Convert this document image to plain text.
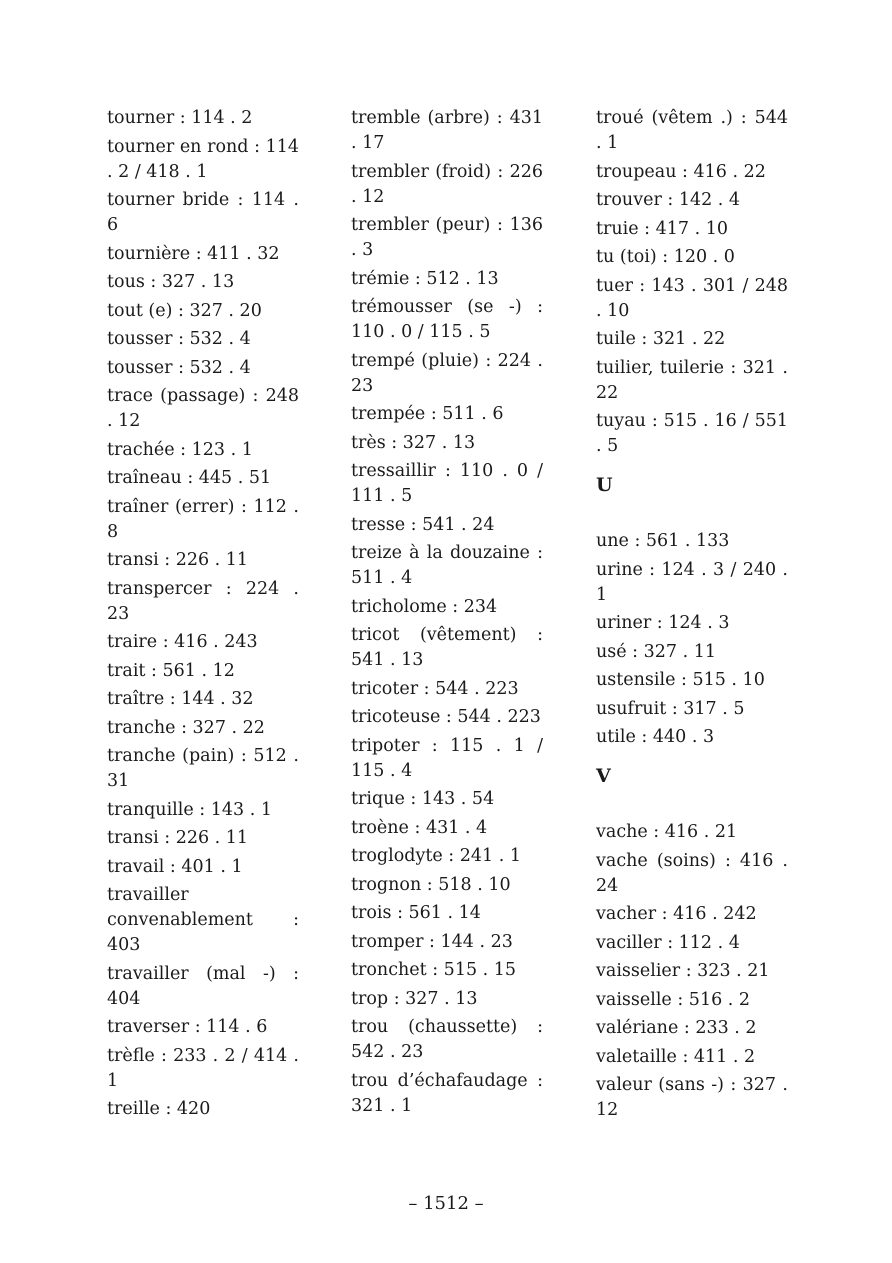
tourner : 114 . 2
tourner en rond : 114 . 2 / 418 . 1
tourner bride : 114 . 6
tournière : 411 . 32
tous : 327 . 13
tout (e) : 327 . 20
tousser : 532 . 4
tousser : 532 . 4
trace (passage) : 248 . 12
trachée : 123 . 1
traîneau : 445 . 51
traîner (errer) : 112 . 8
transi : 226 . 11
transpercer : 224 . 23
traire : 416 . 243
trait : 561 . 12
traître : 144 . 32
tranche : 327 . 22
tranche (pain) : 512 . 31
tranquille : 143 . 1
transi : 226 . 11
travail : 401 . 1
travailler convenablement : 403
travailler (mal -) : 404
traverser : 114 . 6
trèfle : 233 . 2 / 414 . 1
treille : 420
tremble (arbre) : 431 . 17
trembler (froid) : 226 . 12
trembler (peur) : 136 . 3
trémie : 512 . 13
trémousser (se -) : 110 . 0 / 115 . 5
trempé (pluie) : 224 . 23
trempée : 511 . 6
très : 327 . 13
tressaillir : 110 . 0 / 111 . 5
tresse : 541 . 24
treize à la douzaine : 511 . 4
tricholome : 234
tricot (vêtement) : 541 . 13
tricoter : 544 . 223
tricoteuse : 544 . 223
tripoter : 115 . 1 / 115 . 4
trique : 143 . 54
troène : 431 . 4
troglodyte : 241 . 1
trognon : 518 . 10
trois : 561 . 14
tromper : 144 . 23
tronchet : 515 . 15
trop : 327 . 13
trou (chaussette) : 542 . 23
trou d’échafaudage : 321 . 1
troué (vêtem .) : 544 . 1
troupeau : 416 . 22
trouver : 142 . 4
truie : 417 . 10
tu (toi) : 120 . 0
tuer : 143 . 301 / 248 . 10
tuile : 321 . 22
tuilier, tuilerie : 321 . 22
tuyau : 515 . 16 / 551 . 5
U
une : 561 . 133
urine : 124 . 3 / 240 . 1
uriner : 124 . 3
usé : 327 . 11
ustensile : 515 . 10
usufruit : 317 . 5
utile : 440 . 3
V
vache : 416 . 21
vache (soins) : 416 . 24
vacher : 416 . 242
vaciller : 112 . 4
vaisselier : 323 . 21
vaisselle : 516 . 2
valériane : 233 . 2
valetaille : 411 . 2
valeur (sans -) : 327 . 12
– 1512 –
